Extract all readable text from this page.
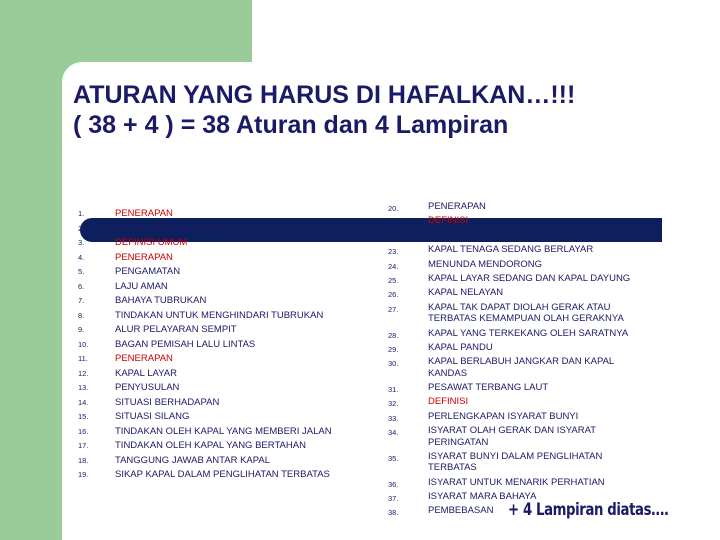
ATURAN YANG HARUS DI HAFALKAN…!!!
( 38 + 4 ) = 38 Aturan dan 4 Lampiran
1.	PENERAPAN
2.	PERTANGGUNG JAWABAN
3.	DEFINISI UMUM
4.	PENERAPAN
5.	PENGAMATAN
6.	LAJU AMAN
7.	BAHAYA TUBRUKAN
8.	TINDAKAN UNTUK MENGHINDARI TUBRUKAN
9.	ALUR PELAYARAN SEMPIT
10.	BAGAN PEMISAH LALU LINTAS
11.	PENERAPAN
12.	KAPAL LAYAR
13.	PENYUSULAN
14.	SITUASI BERHADAPAN
15.	SITUASI SILANG
16.	TINDAKAN OLEH KAPAL YANG MEMBERI JALAN
17.	TINDAKAN OLEH KAPAL YANG BERTAHAN
18.	TANGGUNG JAWAB ANTAR KAPAL
19.	SIKAP KAPAL DALAM PENGLIHATAN TERBATAS
20.	PENERAPAN
21.	DEFINISI
22.	DAYA TAMPAK LAMPU-LAMPU
23.	KAPAL TENAGA SEDANG BERLAYAR
24.	MENUNDA MENDORONG
25.	KAPAL LAYAR SEDANG DAN KAPAL DAYUNG
26.	KAPAL NELAYAN
27.	KAPAL TAK DAPAT DIOLAH GERAK ATAU
TERBATAS KEMAMPUAN OLAH GERAKNYA
28.	KAPAL YANG TERKEKANG OLEH SARATNYA
29.	KAPAL PANDU
30.	KAPAL BERLABUH JANGKAR DAN KAPAL
KANDAS
31.	PESAWAT TERBANG LAUT
32.	DEFINISI
33.	PERLENGKAPAN ISYARAT BUNYI
34.	ISYARAT OLAH GERAK DAN ISYARAT
PERINGATAN
35.	ISYARAT BUNYI DALAM PENGLIHATAN
TERBATAS
36.	ISYARAT UNTUK MENARIK PERHATIAN
37.	ISYARAT MARA BAHAYA
38.	PEMBEBASAN + 4 Lampiran diatas….
